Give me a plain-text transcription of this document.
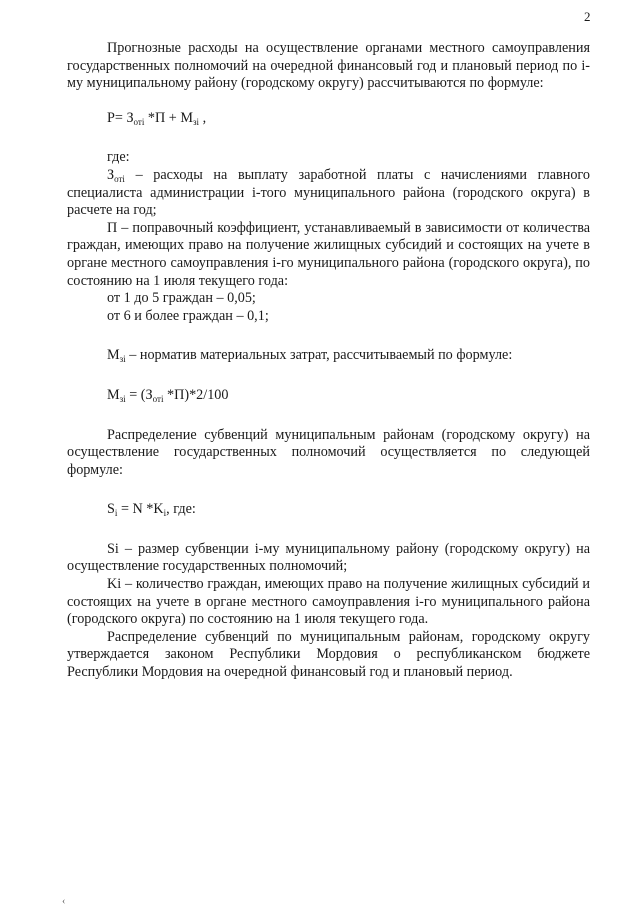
2

Прогнозные расходы на осуществление органами местного самоуправления государственных полномочий на очередной финансовый год и плановый период по i-му муниципальному району (городскому округу) рассчитываются по формуле:

$Р= З_{оті}$ $*П + М_{зі}$ ,

где:

$З_{оті}$ – расходы на выплату заработной платы с начислениями главного специалиста администрации i-того муниципального района (городского округа) в расчете на год;

П – поправочный коэффициент, устанавливаемый в зависимости от количества граждан, имеющих право на получение жилищных субсидий и состоящих на учете в органе местного самоуправления i-го муниципального района (городского округа), по состоянию на 1 июля текущего года:

от 1 до 5 граждан – 0,05;

от 6 и более граждан – 0,1;

$М_{зі}$ – норматив материальных затрат, рассчитываемый по формуле:

$М_{зі} = (З_{оті}$ *П)*2/100

Распределение субвенций муниципальным районам (городскому округу) на осуществление государственных полномочий осуществляется по следующей формуле:

$S_i = N$ $*K_i$, где:

Si – размер субвенции i-му муниципальному району (городскому округу) на осуществление государственных полномочий;

Ki – количество граждан, имеющих право на получение жилищных субсидий и состоящих на учете в органе местного самоуправления i-го муниципального района (городского округа) по состоянию на 1 июля текущего года.

Распределение субвенций по муниципальным районам, городскому округу утверждается законом Республики Мордовия о республиканском бюджете Республики Мордовия на очередной финансовый год и плановый период.

‹
